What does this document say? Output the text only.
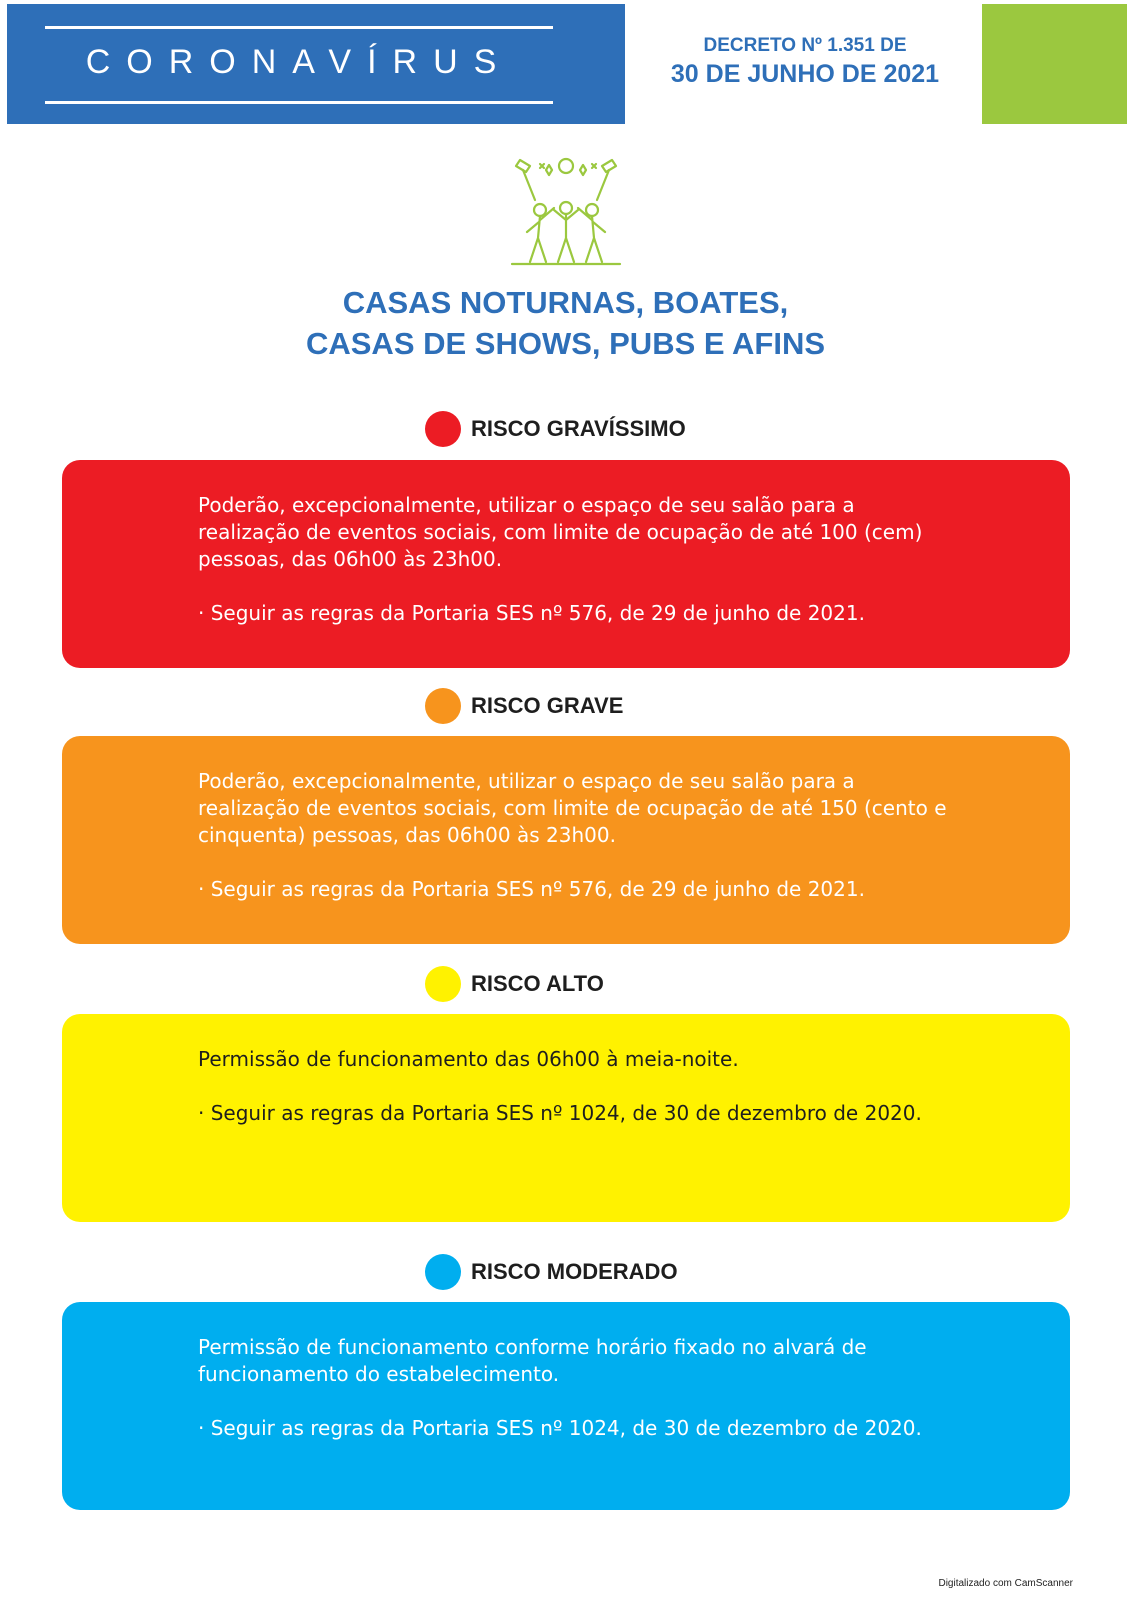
CORONAVÍRUS	DECRETO Nº 1.351 DE
30 DE JUNHO DE 2021
CASAS NOTURNAS, BOATES,
CASAS DE SHOWS, PUBS E AFINS
RISCO GRAVÍSSIMO

Poderão, excepcionalmente, utilizar o espaço de seu salão para a realização de eventos sociais, com limite de ocupação de até 100 (cem) pessoas, das 06h00 às 23h00.

· Seguir as regras da Portaria SES nº 576, de 29 de junho de 2021.

RISCO GRAVE

Poderão, excepcionalmente, utilizar o espaço de seu salão para a realização de eventos sociais, com limite de ocupação de até 150 (cento e cinquenta) pessoas, das 06h00 às 23h00.

· Seguir as regras da Portaria SES nº 576, de 29 de junho de 2021.

RISCO ALTO

Permissão de funcionamento das 06h00 à meia-noite.

· Seguir as regras da Portaria SES nº 1024, de 30 de dezembro de 2020.

RISCO MODERADO

Permissão de funcionamento conforme horário fixado no alvará de funcionamento do estabelecimento.

· Seguir as regras da Portaria SES nº 1024, de 30 de dezembro de 2020.

Digitalizado com CamScanner
